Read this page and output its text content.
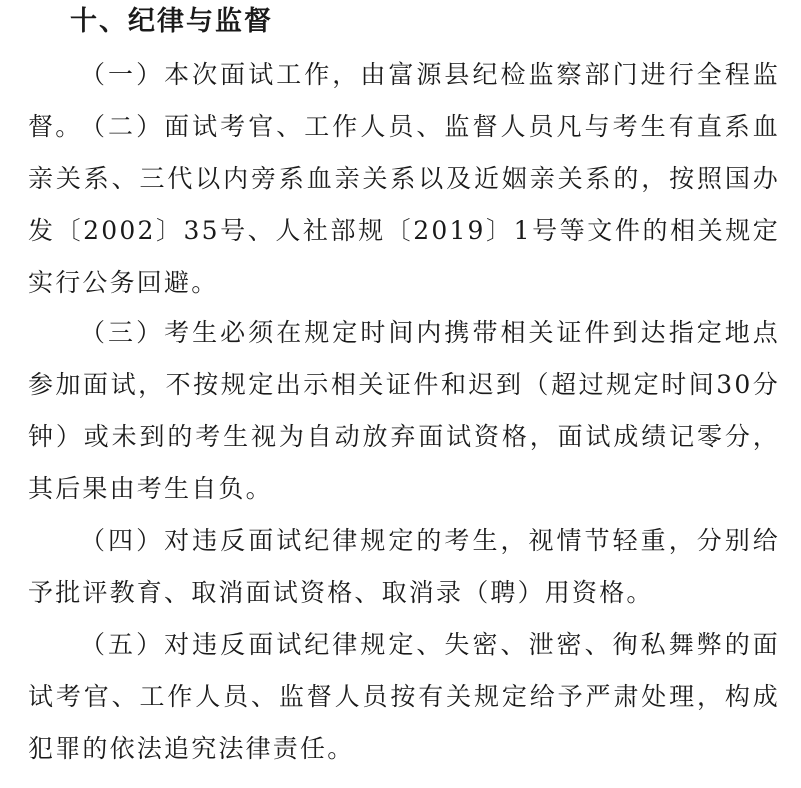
十、纪律与监督

（一）本次面试工作，由富源县纪检监察部门进行全程监督。

（二）面试考官、工作人员、监督人员凡与考生有直系血亲关系、三代以内旁系血亲关系以及近姻亲关系的，按照国办发〔2002〕35号、人社部规〔2019〕1号等文件的相关规定实行公务回避。

（三）考生必须在规定时间内携带相关证件到达指定地点参加面试，不按规定出示相关证件和迟到（超过规定时间30分钟）或未到的考生视为自动放弃面试资格，面试成绩记零分，其后果由考生自负。

（四）对违反面试纪律规定的考生，视情节轻重，分别给予批评教育、取消面试资格、取消录（聘）用资格。

（五）对违反面试纪律规定、失密、泄密、徇私舞弊的面试考官、工作人员、监督人员按有关规定给予严肃处理，构成犯罪的依法追究法律责任。
